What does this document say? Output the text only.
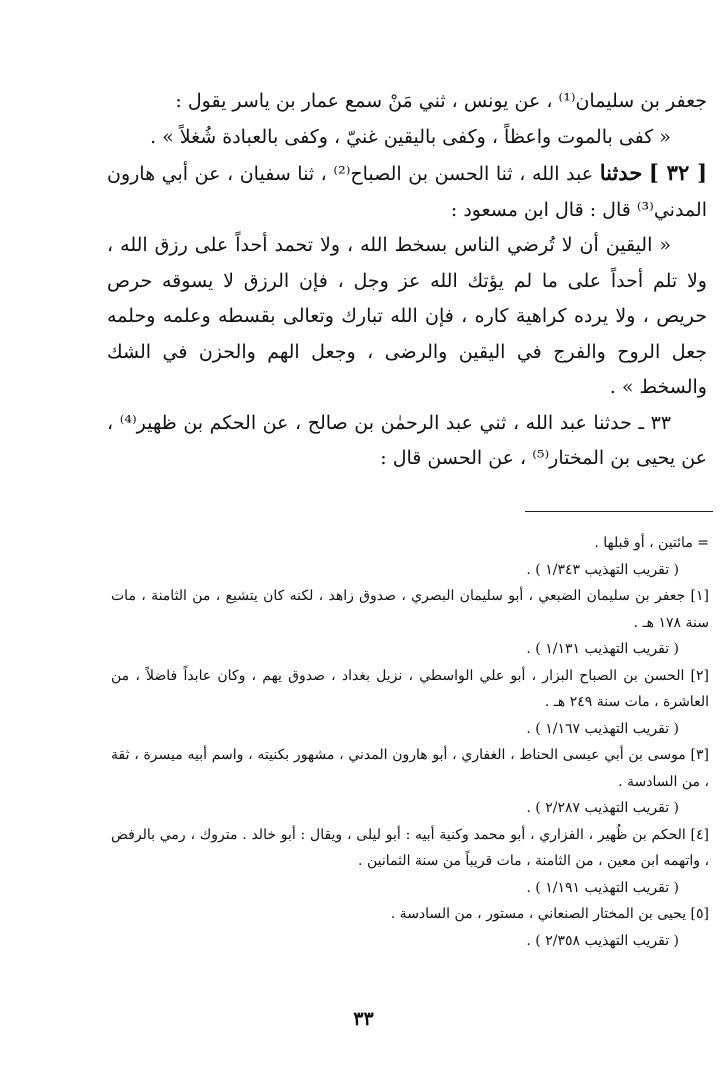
جعفر بن سليمان⁽¹⁾ ، عن يونس ، ثني مَنْ سمع عمار بن ياسر يقول :

« كفى بالموت واعظاً ، وكفى باليقين غنيّ ، وكفى بالعبادة شُغلاً » .

[ ٣٢ ] حدثنا عبد الله ، ثنا الحسن بن الصباح⁽²⁾ ، ثنا سفيان ، عن أبي هارون المدني⁽³⁾ قال : قال ابن مسعود :

« اليقين أن لا تُرضي الناس بسخط الله ، ولا تحمد أحداً على رزق الله ، ولا تلم أحداً على ما لم يؤتك الله عز وجل ، فإن الرزق لا يسوقه حرص حريص ، ولا يرده كراهية كاره ، فإن الله تبارك وتعالى بقسطه وعلمه وحلمه جعل الروح والفرج في اليقين والرضى ، وجعل الهم والحزن في الشك والسخط » .

٣٣ ـ حدثنا عبد الله ، ثني عبد الرحمٰن بن صالح ، عن الحكم بن ظهير⁽⁴⁾ ، عن يحيى بن المختار⁽⁵⁾ ، عن الحسن قال :

= مائتين ، أو قبلها .

( تقريب التهذيب ١/٣٤٣ ) .

[١] جعفر بن سليمان الضبعي ، أبو سليمان البصري ، صدوق زاهد ، لكنه كان يتشيع ، من الثامنة ، مات سنة ١٧٨ هـ .

( تقريب التهذيب ١/١٣١ ) .

[٢] الحسن بن الصباح البزار ، أبو علي الواسطي ، نزيل بغداد ، صدوق يهم ، وكان عابداً فاضلاً ، من العاشرة ، مات سنة ٢٤٩ هـ .

( تقريب التهذيب ١/١٦٧ ) .

[٣] موسى بن أبي عيسى الحناط ، الغفاري ، أبو هارون المدني ، مشهور بكنيته ، واسم أبيه ميسرة ، ثقة ، من السادسة .

( تقريب التهذيب ٢/٢٨٧ ) .

[٤] الحكم بن ظُهير ، الفزاري ، أبو محمد وكنية أبيه : أبو ليلى ، ويقال : أبو خالد . متروك ، رمي بالرفض ، واتهمه ابن معين ، من الثامنة ، مات قريباً من سنة الثمانين .

( تقريب التهذيب ١/١٩١ ) .

[٥] يحيى بن المختار الصنعاني ، مستور ، من السادسة .

( تقريب التهذيب ٢/٣٥٨ ) .

٣٣
